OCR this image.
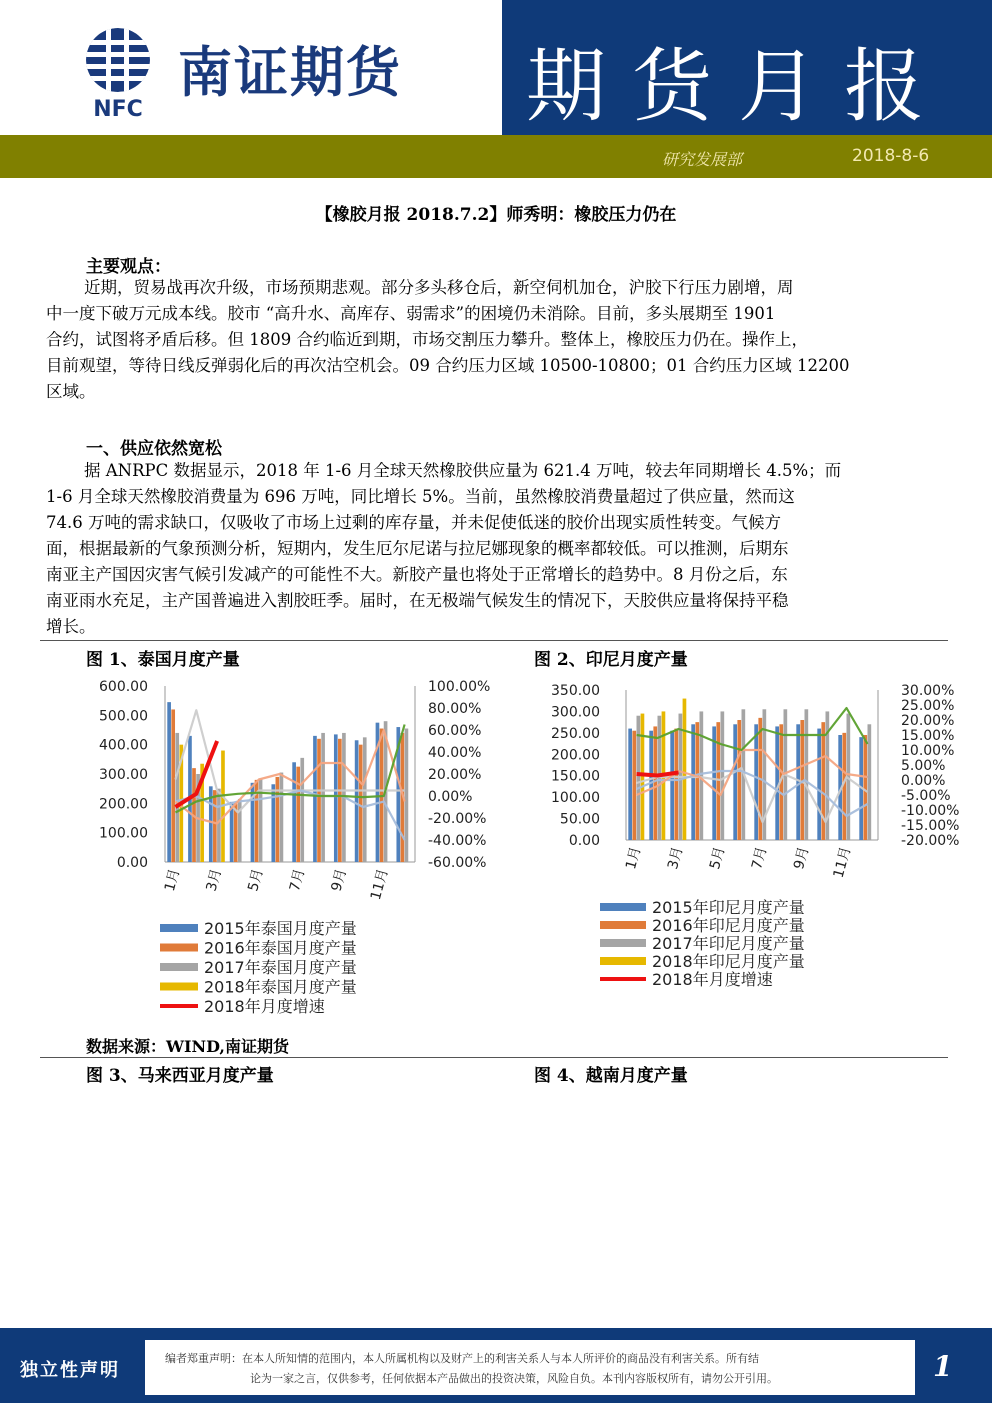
NFC
南证期货 期货月报
研究发展部	2018-8-6
【橡胶月报 2018.7.2】师秀明：橡胶压力仍在
主要观点：
近期，贸易战再次升级，市场预期悲观。部分多头移仓后，新空伺机加仓，沪胶下行压力剧增，周
中一度下破万元成本线。胶市 “高升水、高库存、弱需求”的困境仍未消除。目前，多头展期至 1901
合约，试图将矛盾后移。但 1809 合约临近到期，市场交割压力攀升。整体上，橡胶压力仍在。操作上，
目前观望，等待日线反弹弱化后的再次沽空机会。09 合约压力区域 10500-10800；01 合约压力区域 12200
区域。
一、供应依然宽松
据 ANRPC 数据显示，2018 年 1-6 月全球天然橡胶供应量为 621.4 万吨，较去年同期增长 4.5%；而
1-6 月全球天然橡胶消费量为 696 万吨，同比增长 5%。当前，虽然橡胶消费量超过了供应量，然而这
74.6 万吨的需求缺口，仅吸收了市场上过剩的库存量，并未促使低迷的胶价出现实质性转变。气候方
面，根据最新的气象预测分析，短期内，发生厄尔尼诺与拉尼娜现象的概率都较低。可以推测，后期东
南亚主产国因灾害气候引发减产的可能性不大。新胶产量也将处于正常增长的趋势中。8 月份之后，东
南亚雨水充足，主产国普遍进入割胶旺季。届时，在无极端气候发生的情况下，天胶供应量将保持平稳
增长。
图 1、泰国月度产量	图 2、印尼月度产量
600.00
500.00
400.00
300.00
200.00
100.00
0.00
100.00%
80.00%
60.00%
40.00%
20.00%
0.00%
-20.00%
-40.00%
-60.00%
1月 3月 5月 7月 9月 11月
2015年泰国月度产量
2016年泰国月度产量
2017年泰国月度产量
2018年泰国月度产量
2018年月度增速
350.00
300.00
250.00
200.00
150.00
100.00
50.00
0.00
30.00%
25.00%
20.00%
15.00%
10.00%
5.00%
0.00%
-5.00%
-10.00%
-15.00%
-20.00%
1月 3月 5月 7月 9月 11月
2015年印尼月度产量
2016年印尼月度产量
2017年印尼月度产量
2018年印尼月度产量
2018年月度增速
数据来源：WIND,南证期货
图 3、马来西亚月度产量	图 4、越南月度产量
独立性声明
编者郑重声明：在本人所知情的范围内，本人所属机构以及财产上的利害关系人与本人所评价的商品没有利害关系。所有结
论为一家之言，仅供参考，任何依据本产品做出的投资决策，风险自负。本刊内容版权所有，请勿公开引用。	1
